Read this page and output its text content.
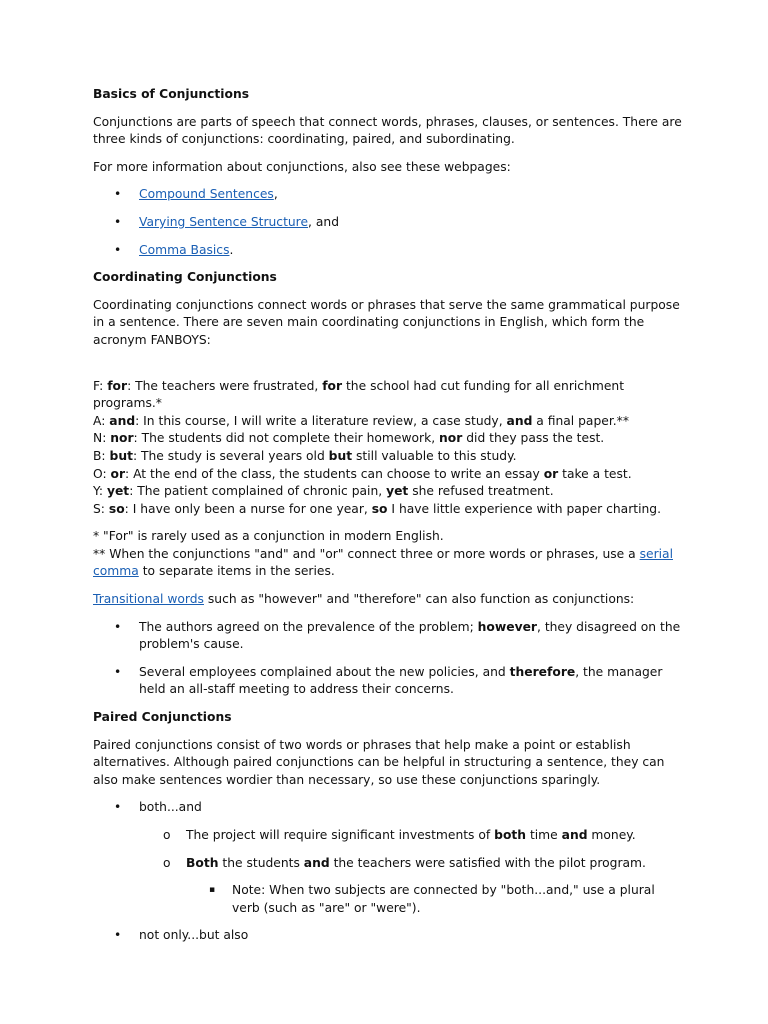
Basics of Conjunctions

Conjunctions are parts of speech that connect words, phrases, clauses, or sentences. There are three kinds of conjunctions: coordinating, paired, and subordinating.

For more information about conjunctions, also see these webpages:

• Compound Sentences,
• Varying Sentence Structure, and
• Comma Basics.

Coordinating Conjunctions

Coordinating conjunctions connect words or phrases that serve the same grammatical purpose in a sentence. There are seven main coordinating conjunctions in English, which form the acronym FANBOYS:

F: for: The teachers were frustrated, for the school had cut funding for all enrichment programs.*

A: and: In this course, I will write a literature review, a case study, and a final paper.**

N: nor: The students did not complete their homework, nor did they pass the test.

B: but: The study is several years old but still valuable to this study.

O: or: At the end of the class, the students can choose to write an essay or take a test.

Y: yet: The patient complained of chronic pain, yet she refused treatment.

S: so: I have only been a nurse for one year, so I have little experience with paper charting.

* "For" is rarely used as a conjunction in modern English.

** When the conjunctions "and" and "or" connect three or more words or phrases, use a serial comma to separate items in the series.

Transitional words such as "however" and "therefore" can also function as conjunctions:

• The authors agreed on the prevalence of the problem; however, they disagreed on the problem's cause.
• Several employees complained about the new policies, and therefore, the manager held an all-staff meeting to address their concerns.

Paired Conjunctions

Paired conjunctions consist of two words or phrases that help make a point or establish alternatives. Although paired conjunctions can be helpful in structuring a sentence, they can also make sentences wordier than necessary, so use these conjunctions sparingly.

• both...and
o The project will require significant investments of both time and money.
o Both the students and the teachers were satisfied with the pilot program.
▪ Note: When two subjects are connected by "both...and," use a plural verb (such as "are" or "were").
• not only...but also
